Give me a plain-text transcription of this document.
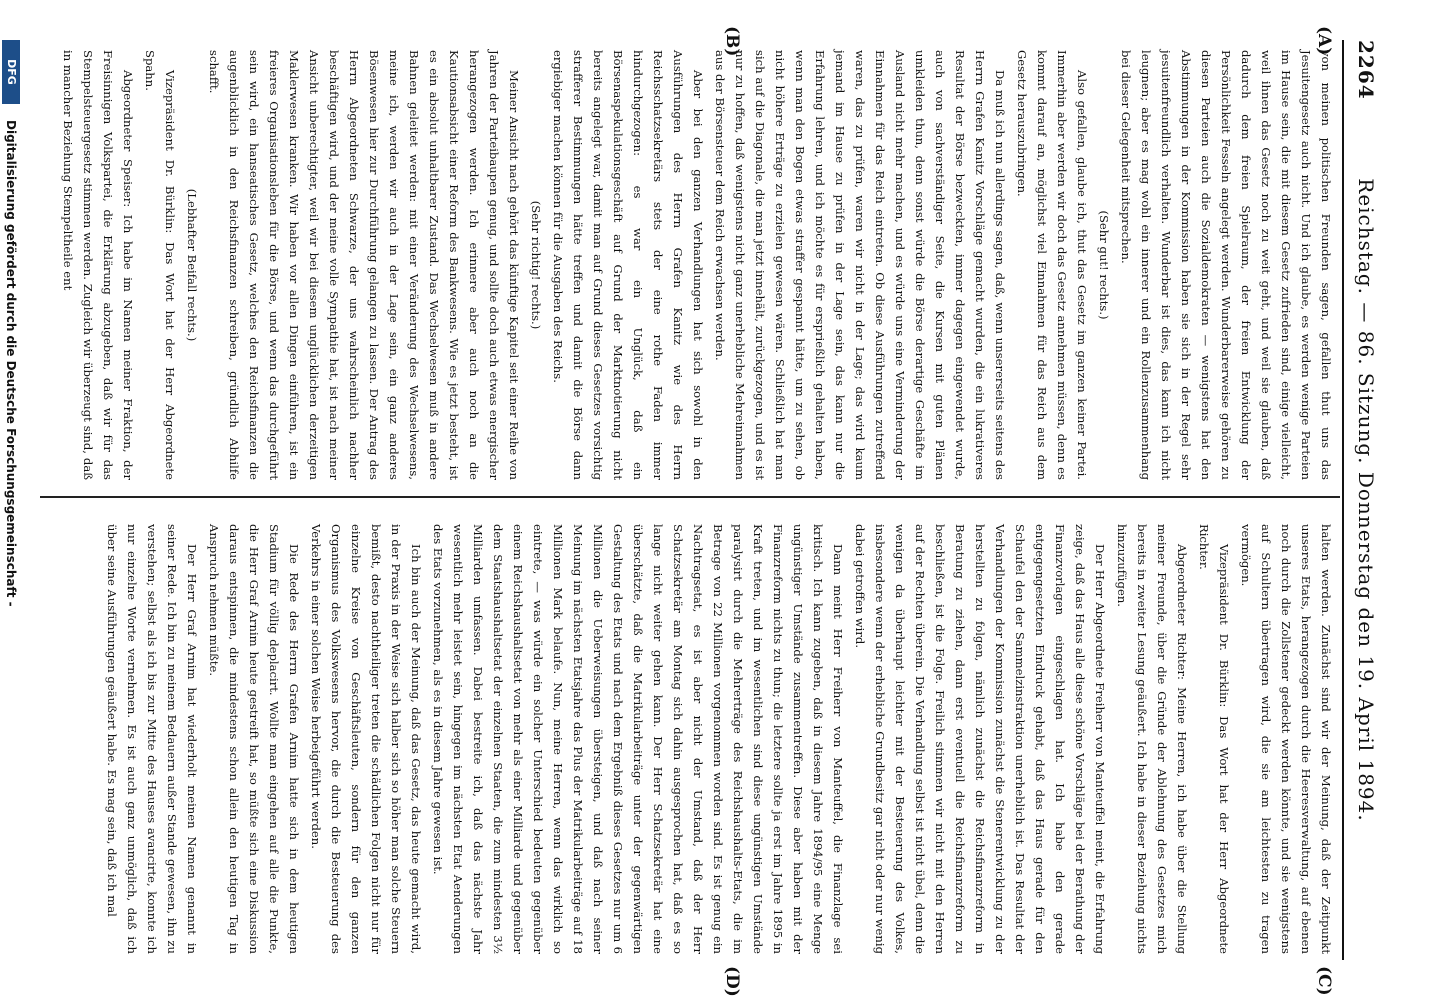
2264
Reichstag. — 86. Sitzung. Donnerstag den 19. April 1894.
(A)
(B)
(C)
(D)

von meinen politischen Freunden sagen, gefallen thut uns das Jesuitengesetz auch nicht. Und ich glaube, es werden wenige Parteien im Hause sein, die mit diesem Gesetz zufrieden sind, einige vielleicht, weil ihnen das Gesetz noch zu weit geht, und weil sie glauben, daß dadurch dem freien Spielraum, der freien Entwicklung der Persönlichkeit Fesseln angelegt werden. Wunderbarerweise gehören zu diesen Parteien auch die Sozialdemokraten — wenigstens hat den Abstimmungen in der Kommission haben sie sich in der Regel sehr jesuitenfreundlich verhalten. Wunderbar ist dies, das kann ich nicht leugnen; aber es mag wohl ein innerer und ein Rollenzusammenhang bei dieser Gelegenheit mitsprechen.

(Sehr gut! rechts.)

Also gefallen, glaube ich, thut das Gesetz im ganzen keiner Partei. Immerhin aber werden wir doch das Gesetz annehmen müssen, denn es kommt darauf an, möglichst viel Einnahmen für das Reich aus dem Gesetz herauszubringen.

Da muß ich nun allerdings sagen, daß, wenn unsererseits seitens des Herrn Grafen Kanitz Vorschläge gemacht wurden, die ein lukrativeres Resultat der Börse bezweckten, immer dagegen eingewendet wurde, auch von sachverständiger Seite, die Kursen mit guten Plänen umkleiden thun, denn sonst würde die Börse derartige Geschäfte im Ausland nicht mehr machen, und es würde uns eine Verminderung der Einnahmen für das Reich eintreten. Ob diese Ausführungen zutreffend waren, das zu prüfen, waren wir nicht in der Lage; das wird kaum jemand im Hause zu prüfen in der Lage sein, das kann nur die Erfahrung lehren, und ich möchte es für ersprießlich gehalten haben, wenn man den Bogen etwas straffer gespannt hätte, um zu sehen, ob nicht höhere Erträge zu erzielen gewesen wären. Schließlich hat man sich auf die Diagonale, die man jetzt innehält, zurückgezogen, und es ist nur zu hoffen, daß wenigstens nicht ganz unerhebliche Mehreinnahmen aus der Börsensteuer dem Reich erwachsen werden.

Aber bei den ganzen Verhandlungen hat sich sowohl in den Ausführungen des Herrn Grafen Kanitz wie des Herrn Reichsschatzsekretärs stets der eine rothe Faden immer hindurchgezogen: es war ein Unglück, daß ein Börsenaspekulationsgeschäft auf Grund der Marktnotierung nicht bereits angelegt war, damit man auf Grund dieses Gesetzes vorsichtig strafferer Bestimmungen hätte treffen und damit die Börse dann ergiebiger machen können für die Ausgaben des Reichs.

(Sehr richtig! rechts.)

Meiner Ansicht nach gehört das künftige Kapitel seit einer Reihe von Jahren der Parteibaupen genug, und sollte doch auch etwas energischer herangezogen werden. Ich erinnere aber auch noch an die Kautionsabsicht einer Reform des Bankwesens. Wie es jetzt besteht, ist es ein absolut unhaltbarer Zustand. Das Wechselwesen muß in andere Bahnen geleitet werden: mit einer Veränderung des Wechselwesens, meine ich, werden wir auch in der Lage sein, ein ganz anderes Bösenwesen hier zur Durchführung gelangen zu lassen. Der Antrag des Herrn Abgeordneten Schwarze, der uns wahrscheinlich nachher beschäftigen wird, und der meine volle Sympathie hat, ist nach meiner Ansicht unberechtigter, weil wir bei diesem unglücklichen derzeitigen Maklerwesen kranken. Wir haben vor allen Dingen einführen, ist ein freieres Organisationsleben für die Börse, und wenn das durchgeführt sein wird, ein hanseatisches Gesetz, welches den Reichsfinanzen die augenblicklich in den Reichsfinanzen schreiben, gründlich Abhilfe schafft.

(Lebhafter Beifall rechts.)

Vizepräsident Dr. Bürklin: Das Wort hat der Herr Abgeordnete Spahn.

Abgeordneter Speiser: Ich habe im Namen meiner Fraktion, der Freisinnigen Volkspartei, die Erklärung abzugeben, daß wir für das Stempelsteuergesetz stimmen werden. Zugleich wir überzeugt sind, daß in mancher Beziehung Stempeltheile ent

halten werden. Zunächst sind wir der Meinung, daß der Zeitpunkt unseres Etats, herangezogen durch die Heeresverwaltung, auf ebenen noch durch die Zollstener gedeckt werden könnte, und sie wenigstens auf Schultern übertragen wird, die sie am leichtesten zu tragen vermögen.

Vizepräsident Dr. Bürklin: Das Wort hat der Herr Abgeordnete Richter.

Abgeordneter Richter: Meine Herren, ich habe über die Stellung meiner Freunde, über die Gründe der Ablehnung des Gesetzes mich bereits in zweiter Lesung geäußert. Ich habe in dieser Beziehung nichts hinzuzufügen.

Der Herr Abgeordnete Freiherr von Manteuffel meint, die Erfahrung zeige, daß das Haus alle diese schöne Vorschläge bei der Berathung der Finanzvorlagen eingeschlagen hat. Ich habe den gerade entgegengesetzten Eindruck gehabt, daß das Haus gerade für den Schaufel den der Sammelzinstraktion unerheblich ist. Das Resultat der Verhandlungen der Kommission zunächst die Stenerentwicklung zu der herstellten zu folgen, nämlich zunächst die Reichsfinanzreform in Beratung zu ziehen, dann erst eventuell die Reichsfinanzreform zu beschließen, ist die Folge. Freilich stimmen wir nicht mit den Herren auf der Rechten überein. Die Verhandlung selbst ist nicht übel, denn die wenigen da überhaupt leichter mit der Besteuerung des Volkes, insbesondere wenn der erhebliche Grundbesitz gar nicht oder nur wenig dabei getroffen wird.

Dann meint Herr Freiherr von Manteuffel, die Finanzlage sei kritisch. Ich kann zugeben, daß in diesem Jahre 1894/95 eine Menge ungünstiger Umstände zusammentreffen. Diese aber haben mit der Finanzreform nichts zu thun; die letztere sollte ja erst im Jahre 1895 in Kraft treten, und im wesentlichen sind diese ungünstigen Umstände paralysirt durch die Mehrerträge des Reichshaushalts-Etats, die im Betrage von 22 Millionen vorgenommen worden sind. Es ist genug ein Nachtragsetat, es ist aber nicht der Umstand, daß der Herr Schatzsekretär am Montag sich dahin ausgesprochen hat, daß es so lange nicht weiter gehen kann. Der Herr Schatzsekretär hat eine überschätzte, daß die Matrikularbeiträge unter der gegenwärtigen Gestaltung des Etats und nach dem Ergebniß dieses Gesetzes nur um 6 Millionen die Ueberweisungen übersteigen, und daß nach seiner Meinung im nächsten Etatsjahre das Plus der Matrikularbeiträge auf 18 Millionen Mark belaufe. Nun, meine Herren, wenn das wirklich so eintrete, — was würde ein solcher Unterschied bedeuten gegenüber einem Reichshaushaltsetat von mehr als einer Milliarde und gegenüber dem Staatshaushaltsetat der einzelnen Staaten, die zum mindesten 3½ Milliarden umfassen. Dabei bestreite ich, daß das nächste Jahr wesentlich mehr leistet sein, hingegen im nächsten Etat Aenderungen des Etats vorzunehmen, als es in diesem Jahre gewesen ist.

Ich bin auch der Meinung, daß das Gesetz, das heute gemacht wird, in der Praxis in der Weise sich halber sich so höher man solche Steuern bemißt, desto nachtheiliger treten die schädlichen Folgen nicht nur für einzelne Kreise von Geschäftsleuten, sondern für den ganzen Organismus des Volkswesens hervor, die durch die Besteuerung des Verkehrs in einer solchen Weise herbeigeführt werden.

Die Rede des Herrn Grafen Arnim hatte sich in dem heutigen Stadium für völlig deplacirt. Wollte man eingehen auf alle die Punkte, die Herr Graf Arnim heute gestreift hat, so müßte sich eine Diskussion daraus entspinnen, die mindestens schon allein den heutigen Tag in Anspruch nehmen müßte.

Der Herr Graf Arnim hat wiederholt meinen Namen genannt in seiner Rede. Ich bin zu meinem Bedauern außer Stande gewesen, ihn zu verstehen; selbst als ich bis zur Mitte des Hauses avancirte, konnte ich nur einzelne Worte vernehmen. Es ist auch ganz unmöglich, daß ich über seine Ausführungen geäußert habe. Es mag sein, daß ich mal

DFG
Digitalisierung gefördert durch die Deutsche Forschungsgemeinschaft -
